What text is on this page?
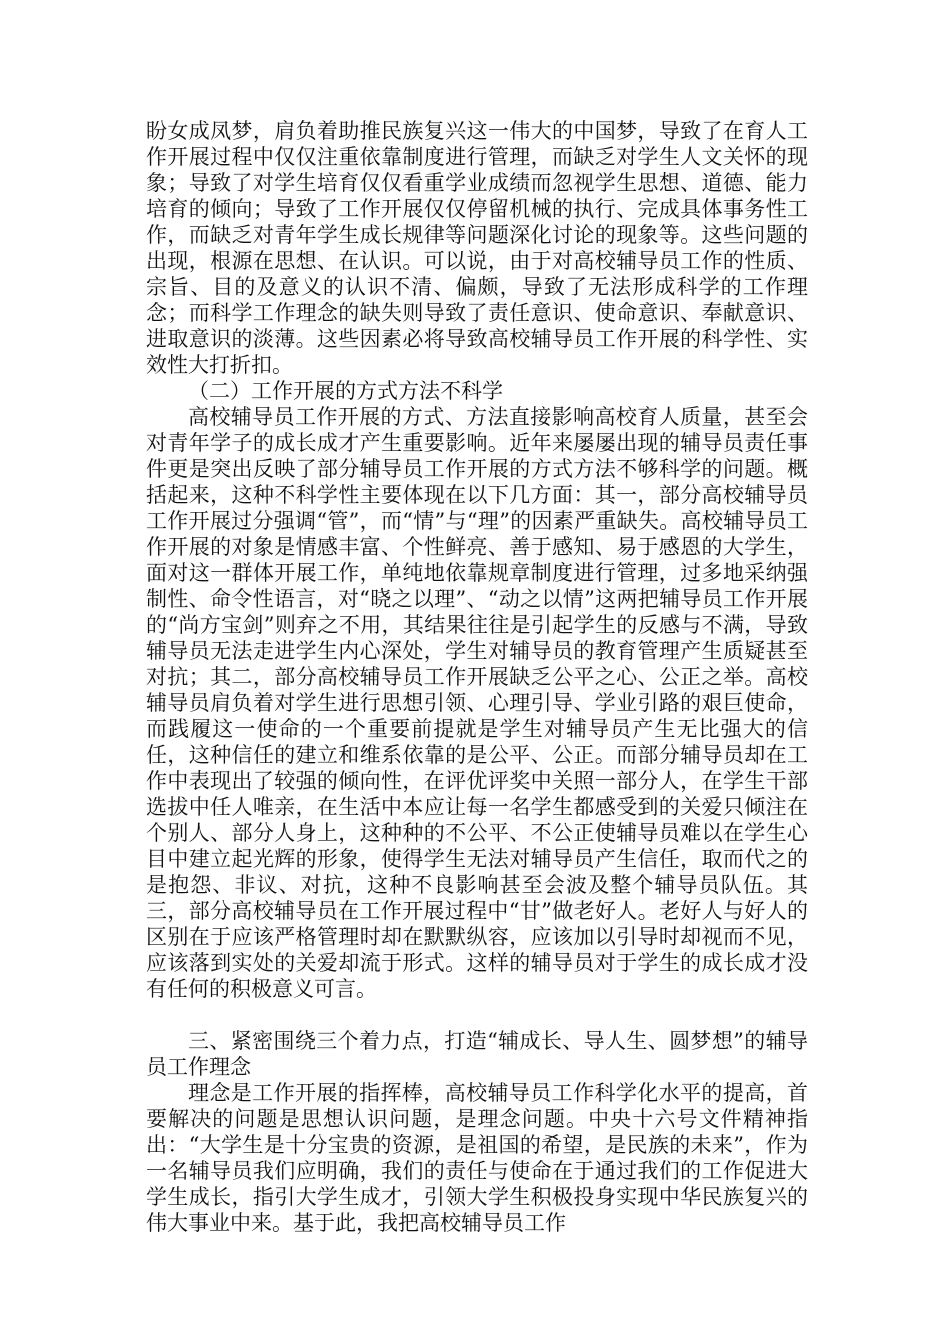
盼女成凤梦，肩负着助推民族复兴这一伟大的中国梦，导致了在育人工作开展过程中仅仅注重依靠制度进行管理，而缺乏对学生人文关怀的现象；导致了对学生培育仅仅看重学业成绩而忽视学生思想、道德、能力培育的倾向；导致了工作开展仅仅停留机械的执行、完成具体事务性工作，而缺乏对青年学生成长规律等问题深化讨论的现象等。这些问题的出现，根源在思想、在认识。可以说，由于对高校辅导员工作的性质、宗旨、目的及意义的认识不清、偏颇，导致了无法形成科学的工作理念；而科学工作理念的缺失则导致了责任意识、使命意识、奉献意识、进取意识的淡薄。这些因素必将导致高校辅导员工作开展的科学性、实效性大打折扣。

（二）工作开展的方式方法不科学

高校辅导员工作开展的方式、方法直接影响高校育人质量，甚至会对青年学子的成长成才产生重要影响。近年来屡屡出现的辅导员责任事件更是突出反映了部分辅导员工作开展的方式方法不够科学的问题。概括起来，这种不科学性主要体现在以下几方面：其一，部分高校辅导员工作开展过分强调“管”，而“情”与“理”的因素严重缺失。高校辅导员工作开展的对象是情感丰富、个性鲜亮、善于感知、易于感恩的大学生，面对这一群体开展工作，单纯地依靠规章制度进行管理，过多地采纳强制性、命令性语言，对“晓之以理”、“动之以情”这两把辅导员工作开展的“尚方宝剑”则弃之不用，其结果往往是引起学生的反感与不满，导致辅导员无法走进学生内心深处，学生对辅导员的教育管理产生质疑甚至对抗；其二，部分高校辅导员工作开展缺乏公平之心、公正之举。高校辅导员肩负着对学生进行思想引领、心理引导、学业引路的艰巨使命，而践履这一使命的一个重要前提就是学生对辅导员产生无比强大的信任，这种信任的建立和维系依靠的是公平、公正。而部分辅导员却在工作中表现出了较强的倾向性，在评优评奖中关照一部分人，在学生干部选拔中任人唯亲，在生活中本应让每一名学生都感受到的关爱只倾注在个别人、部分人身上，这种种的不公平、不公正使辅导员难以在学生心目中建立起光辉的形象，使得学生无法对辅导员产生信任，取而代之的是抱怨、非议、对抗，这种不良影响甚至会波及整个辅导员队伍。其三，部分高校辅导员在工作开展过程中“甘”做老好人。老好人与好人的区别在于应该严格管理时却在默默纵容，应该加以引导时却视而不见，应该落到实处的关爱却流于形式。这样的辅导员对于学生的成长成才没有任何的积极意义可言。

三、紧密围绕三个着力点，打造“辅成长、导人生、圆梦想”的辅导员工作理念

理念是工作开展的指挥棒，高校辅导员工作科学化水平的提高，首要解决的问题是思想认识问题，是理念问题。中央十六号文件精神指出：“大学生是十分宝贵的资源，是祖国的希望，是民族的未来”，作为一名辅导员我们应明确，我们的责任与使命在于通过我们的工作促进大学生成长，指引大学生成才，引领大学生积极投身实现中华民族复兴的伟大事业中来。基于此，我把高校辅导员工作
